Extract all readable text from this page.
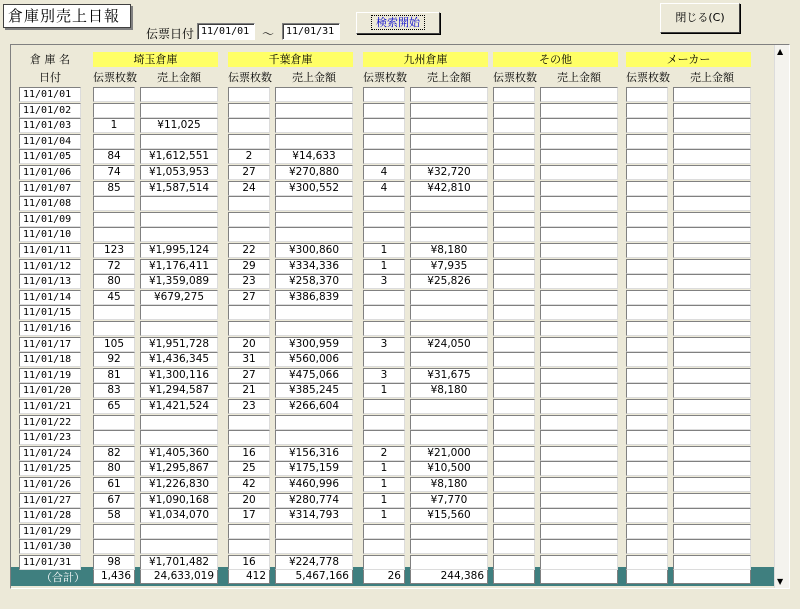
倉庫別売上日報
伝票日付 11/01/01	～	11/01/31
検索開始	閉じる(C)
倉 庫 名
日付
（合計）	1,436	24,633,019	412	5,467,166	26	244,386
埼玉倉庫
伝票枚数	売上金額
千葉倉庫
伝票枚数	売上金額
九州倉庫
伝票枚数	売上金額
その他
伝票枚数	売上金額
メーカー
伝票枚数	売上金額
11/01/01
11/01/02
11/01/03	1	¥11,025
11/01/04
11/01/05	84	¥1,612,551	2	¥14,633
11/01/06	74	¥1,053,953	27	¥270,880	4	¥32,720
11/01/07	85	¥1,587,514	24	¥300,552	4	¥42,810
11/01/08
11/01/09
11/01/10
11/01/11	123	¥1,995,124	22	¥300,860	1	¥8,180
11/01/12	72	¥1,176,411	29	¥334,336	1	¥7,935
11/01/13	80	¥1,359,089	23	¥258,370	3	¥25,826
11/01/14	45	¥679,275	27	¥386,839
11/01/15
11/01/16
11/01/17	105	¥1,951,728	20	¥300,959	3	¥24,050
11/01/18	92	¥1,436,345	31	¥560,006
11/01/19	81	¥1,300,116	27	¥475,066	3	¥31,675
11/01/20	83	¥1,294,587	21	¥385,245	1	¥8,180
11/01/21	65	¥1,421,524	23	¥266,604
11/01/22
11/01/23
11/01/24	82	¥1,405,360	16	¥156,316	2	¥21,000
11/01/25	80	¥1,295,867	25	¥175,159	1	¥10,500
11/01/26	61	¥1,226,830	42	¥460,996	1	¥8,180
11/01/27	67	¥1,090,168	20	¥280,774	1	¥7,770
11/01/28	58	¥1,034,070	17	¥314,793	1	¥15,560
11/01/29
11/01/30
11/01/31	98	¥1,701,482	16	¥224,778
▲
▼
